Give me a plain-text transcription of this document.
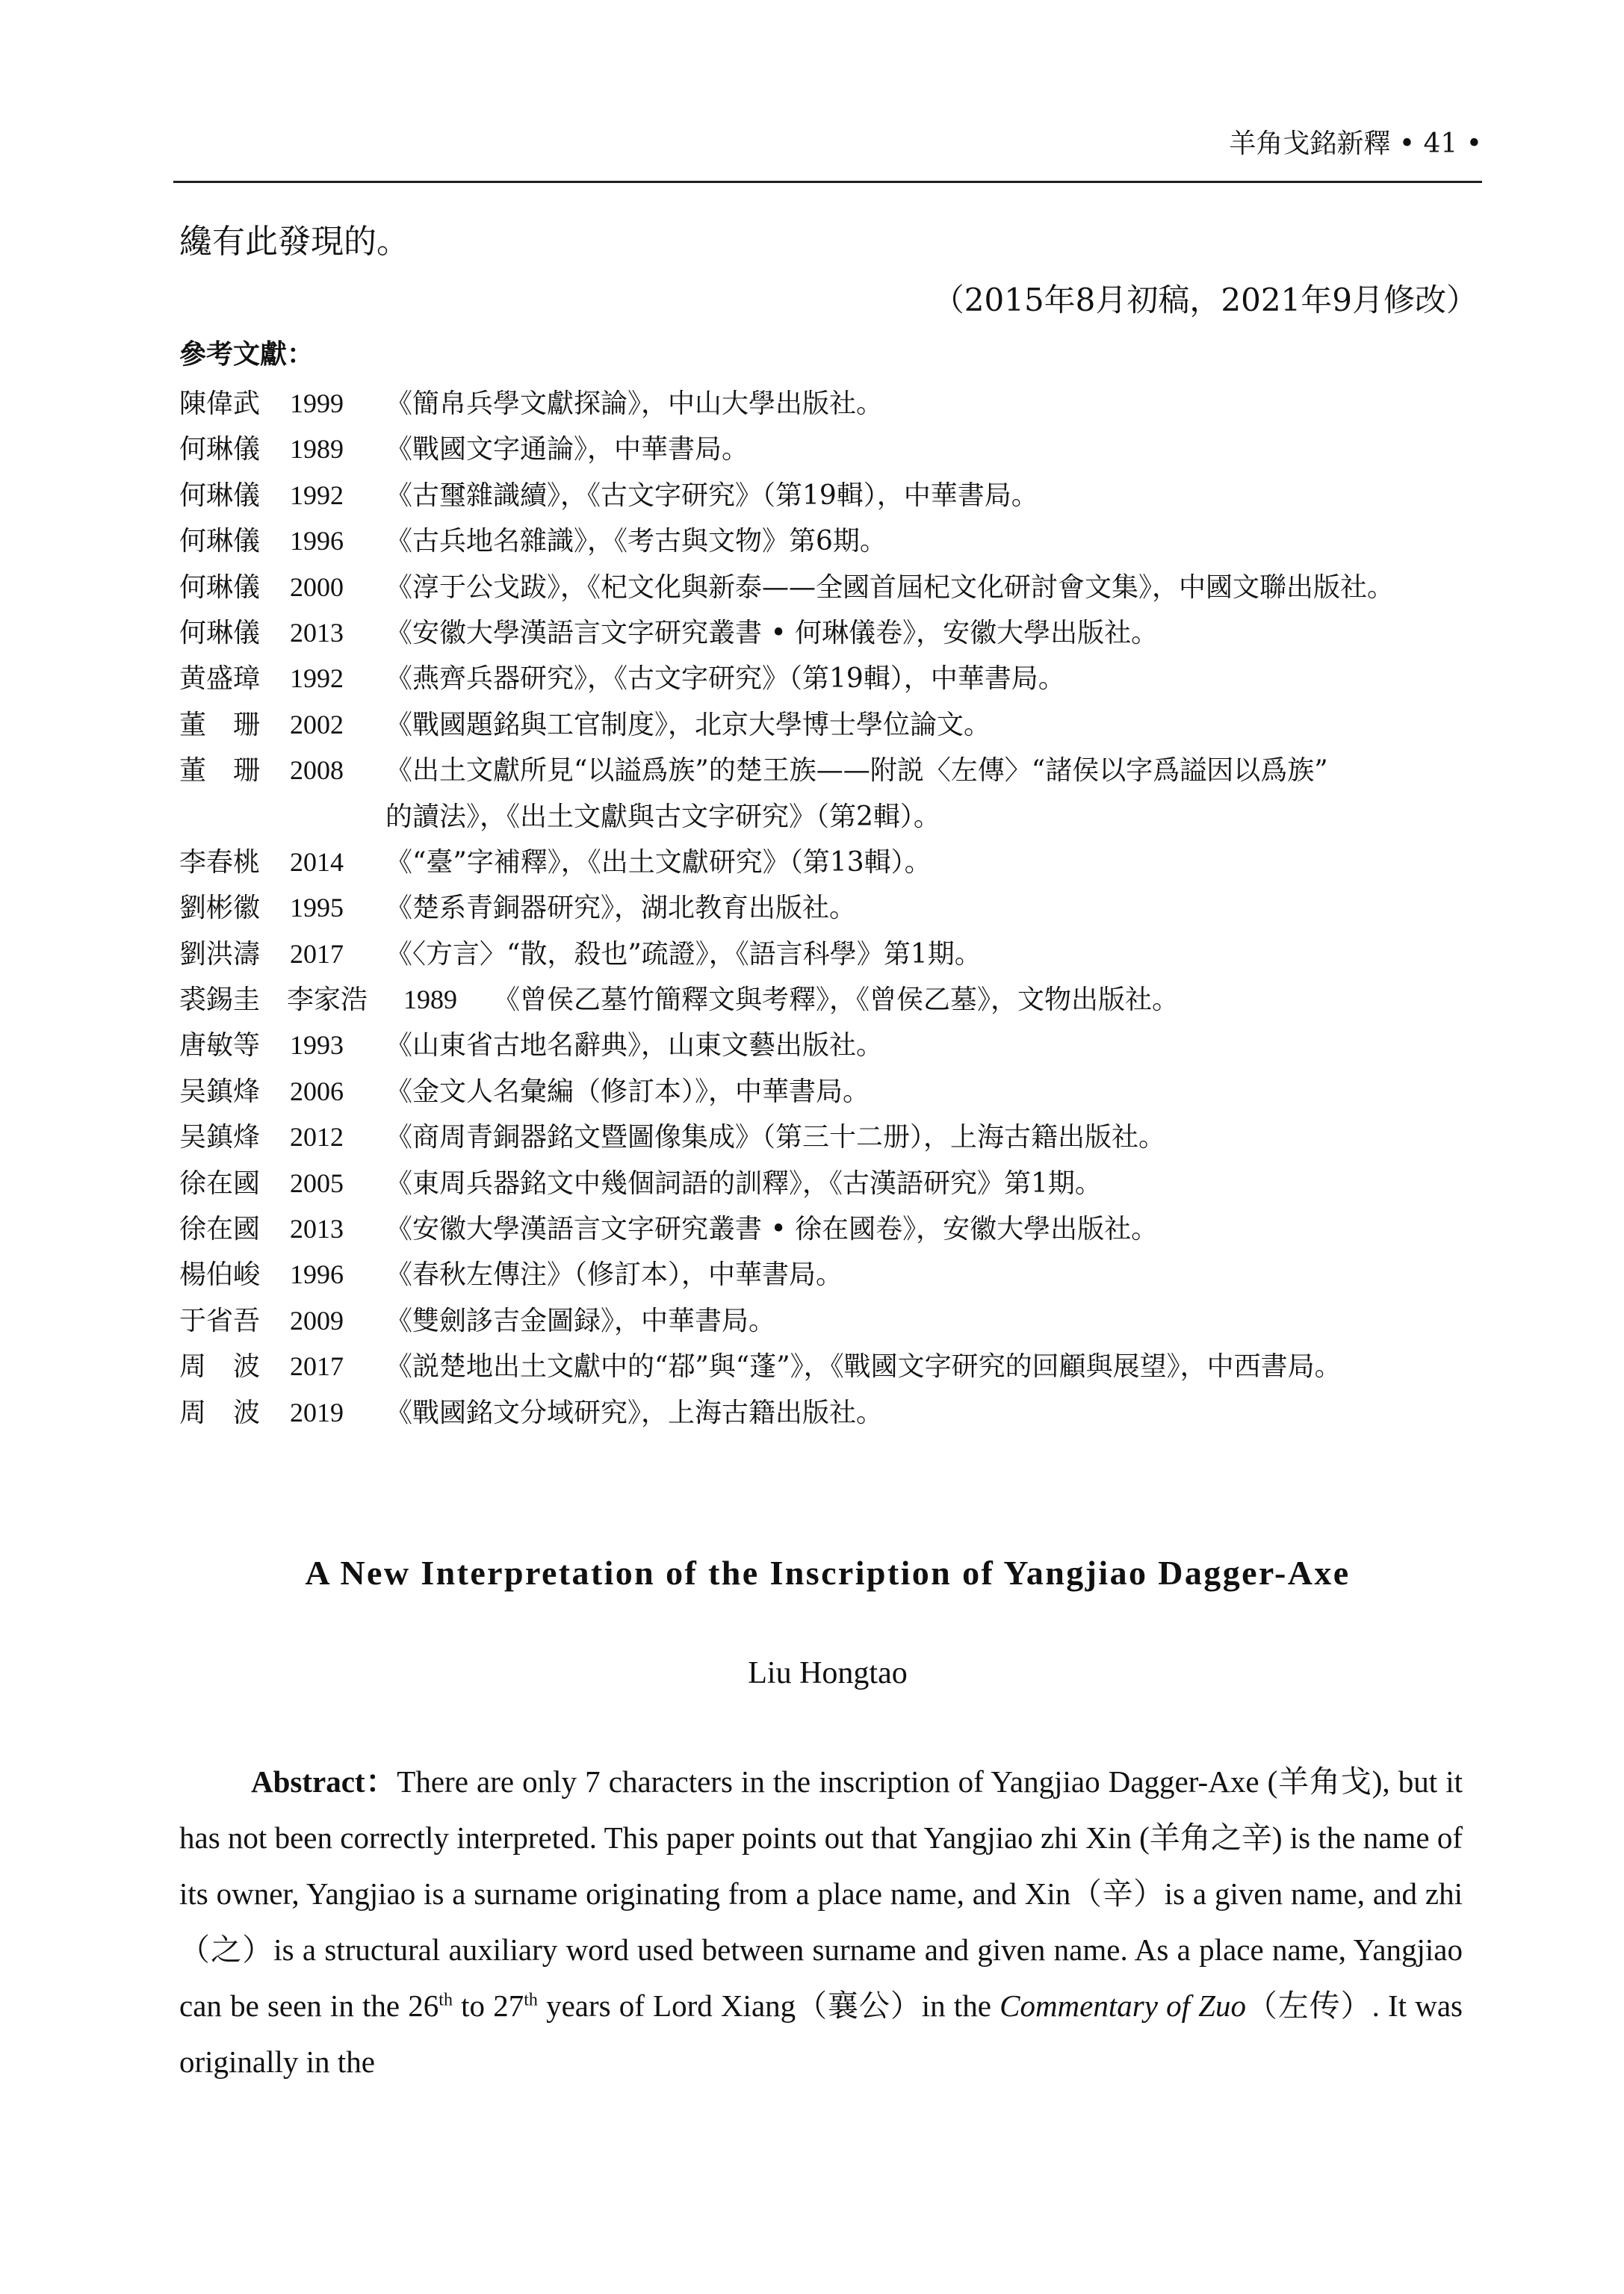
羊角戈銘新釋 • 41 •
纔有此發現的。
（2015年8月初稿，2021年9月修改）
參考文獻：
陳偉武 1999 《簡帛兵學文獻探論》，中山大學出版社。
何琳儀 1989 《戰國文字通論》，中華書局。
何琳儀 1992 《古璽雜識續》，《古文字研究》（第19輯），中華書局。
何琳儀 1996 《古兵地名雜識》，《考古與文物》第6期。
何琳儀 2000 《淳于公戈跋》，《杞文化與新泰——全國首屆杞文化研討會文集》，中國文聯出版社。
何琳儀 2013 《安徽大學漢語言文字研究叢書 • 何琳儀卷》，安徽大學出版社。
黄盛璋 1992 《燕齊兵器研究》，《古文字研究》（第19輯），中華書局。
董　珊 2002 《戰國題銘與工官制度》，北京大學博士學位論文。
董　珊 2008 《出土文獻所見“以謚爲族”的楚王族——附説〈左傳〉“諸侯以字爲謚因以爲族”
的讀法》，《出土文獻與古文字研究》（第2輯）。
李春桃 2014 《“臺”字補釋》，《出土文獻研究》（第13輯）。
劉彬徽 1995 《楚系青銅器研究》，湖北教育出版社。
劉洪濤 2017 《〈方言〉“散，殺也”疏證》，《語言科學》第1期。
裘錫圭　李家浩 1989 《曾侯乙墓竹簡釋文與考釋》，《曾侯乙墓》，文物出版社。
唐敏等 1993 《山東省古地名辭典》，山東文藝出版社。
吴鎮烽 2006 《金文人名彙編（修訂本）》，中華書局。
吴鎮烽 2012 《商周青銅器銘文暨圖像集成》（第三十二册），上海古籍出版社。
徐在國 2005 《東周兵器銘文中幾個詞語的訓釋》，《古漢語研究》第1期。
徐在國 2013 《安徽大學漢語言文字研究叢書 • 徐在國卷》，安徽大學出版社。
楊伯峻 1996 《春秋左傳注》（修訂本），中華書局。
于省吾 2009 《雙劍誃吉金圖録》，中華書局。
周　波 2017 《説楚地出土文獻中的“鄀”與“蓬”》，《戰國文字研究的回顧與展望》，中西書局。
周　波 2019 《戰國銘文分域研究》，上海古籍出版社。
A New Interpretation of the Inscription of Yangjiao Dagger-Axe
Liu Hongtao

Abstract：There are only 7 characters in the inscription of Yangjiao Dagger-Axe (羊角戈), but it has not been correctly interpreted. This paper points out that Yangjiao zhi Xin (羊角之辛) is the name of its owner, Yangjiao is a surname originating from a place name, and Xin（辛）is a given name, and zhi（之）is a structural auxiliary word used between surname and given name. As a place name, Yangjiao can be seen in the 26th to 27th years of Lord Xiang（襄公）in the Commentary of Zuo（左传）. It was originally in the
